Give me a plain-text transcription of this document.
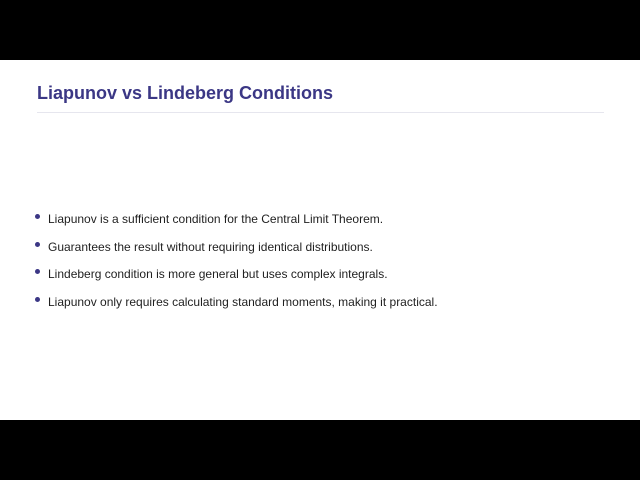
Liapunov vs Lindeberg Conditions
Liapunov is a sufficient condition for the Central Limit Theorem.
Guarantees the result without requiring identical distributions.
Lindeberg condition is more general but uses complex integrals.
Liapunov only requires calculating standard moments, making it practical.
